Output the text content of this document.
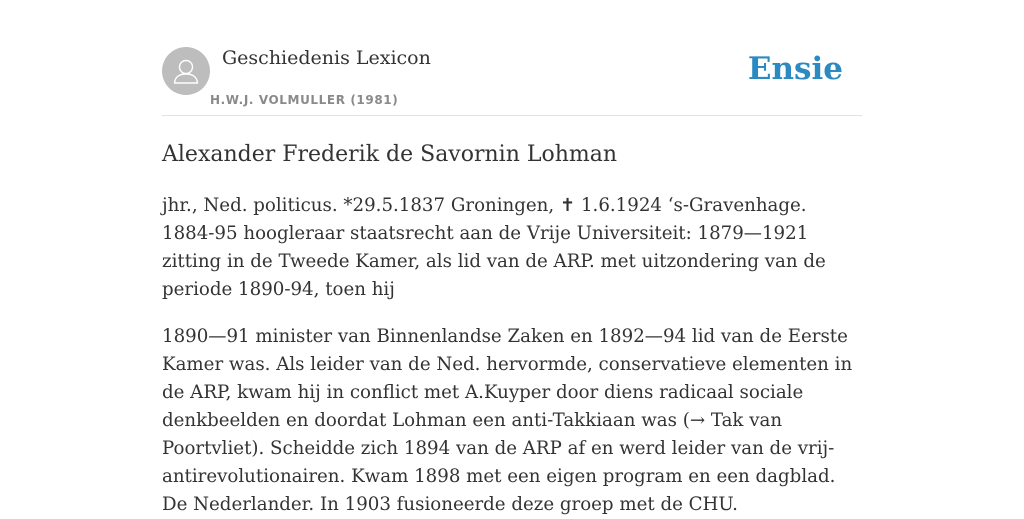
Geschiedenis Lexicon
H.W.J. VOLMULLER (1981)
Ensie
Alexander Frederik de Savornin Lohman

jhr., Ned. politicus. *29.5.1837 Groningen, ✝ 1.6.1924 ‘s-Gravenhage. 1884-95 hoogleraar staatsrecht aan de Vrije Universiteit: 1879—1921 zitting in de Tweede Kamer, als lid van de ARP. met uitzondering van de periode 1890-94, toen hij

1890—91 minister van Binnenlandse Zaken en 1892—94 lid van de Eerste Kamer was. Als leider van de Ned. hervormde, conservatieve elementen in de ARP, kwam hij in conflict met A.Kuyper door diens radicaal sociale denkbeelden en doordat Lohman een anti-Takkiaan was (→ Tak van Poortvliet). Scheidde zich 1894 van de ARP af en werd leider van de vrij-antirevolutionairen. Kwam 1898 met een eigen program en een dagblad. De Nederlander. In 1903 fusioneerde deze groep met de CHU.
